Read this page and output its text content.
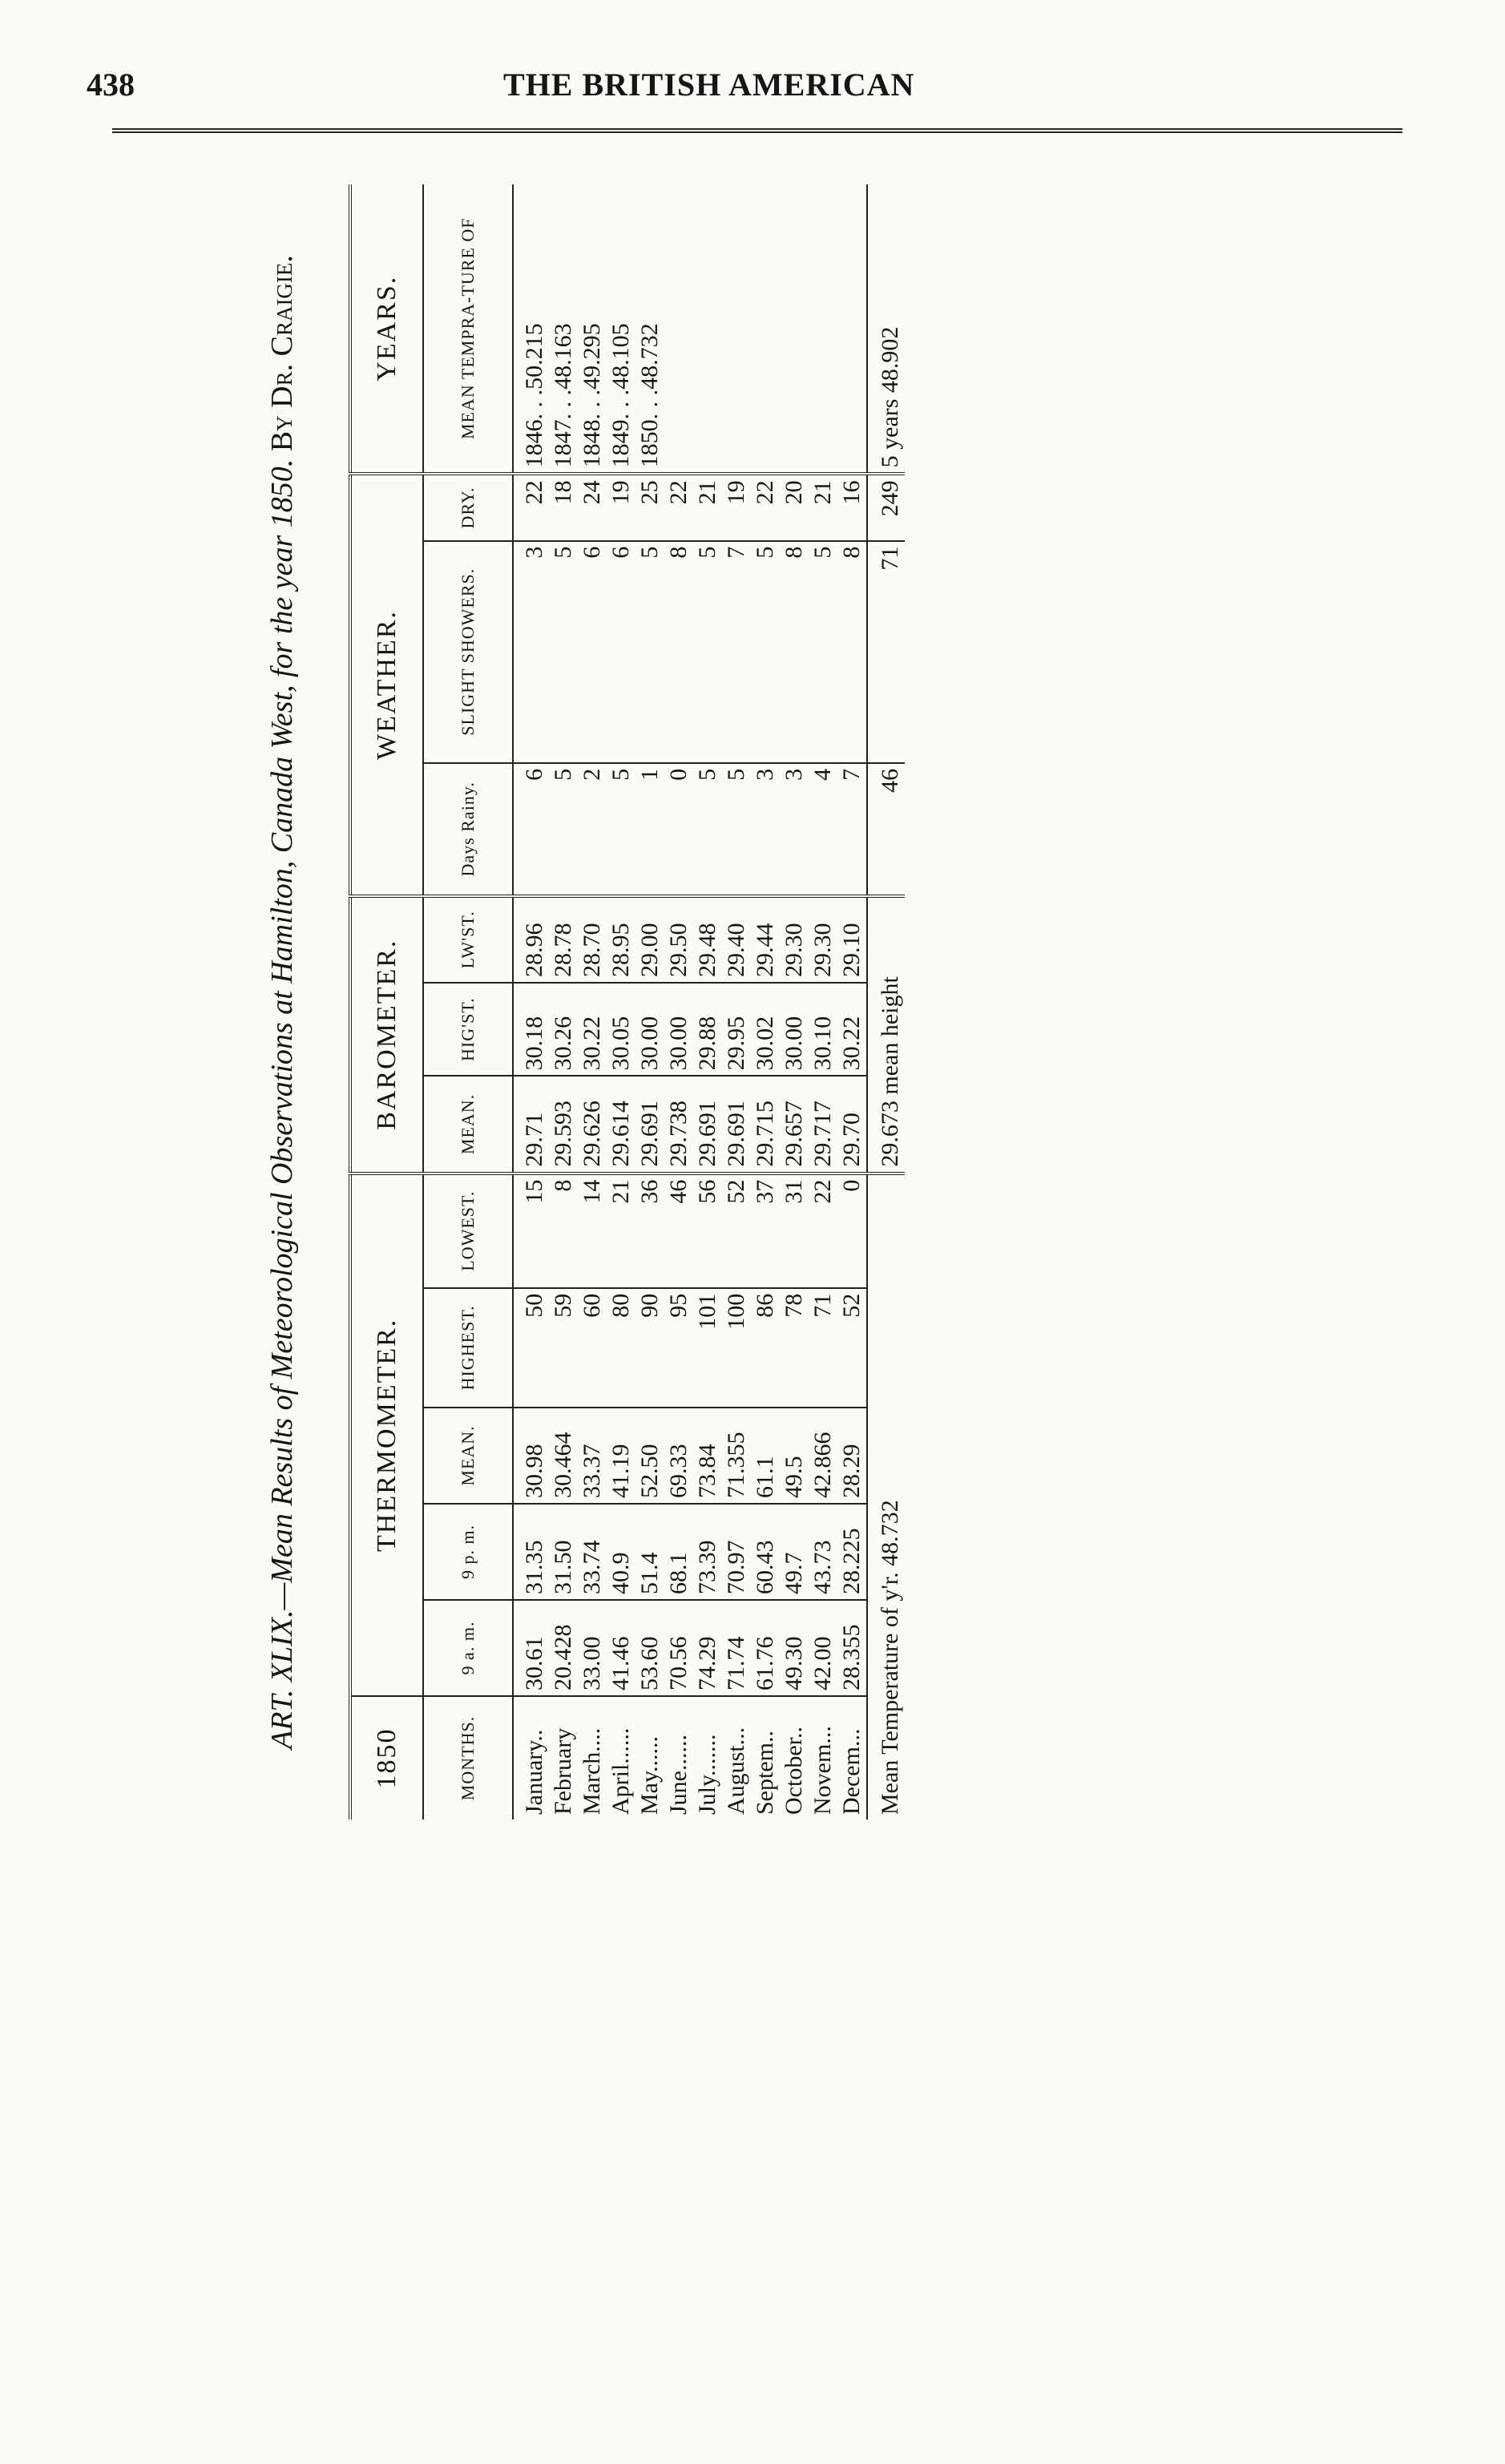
438	THE BRITISH AMERICAN
ART. XLIX.—Mean Results of Meteorological Observations at Hamilton, Canada West, for the year 1850. By Dr. Craigie.
1850	THERMOMETER.					BAROMETER.			WEATHER.			YEARS.
MONTHS.	9 a. m.	9 p. m.	MEAN.	HIGHEST.	LOWEST.	MEAN.	HIG'ST.	LW'ST.	Days Rainy.	SLIGHT SHOWERS.	DRY.	MEAN TEMPRA-TURE OF
January..	30.61	31.35	30.98	50	15	29.71	30.18	28.96	6	3	22	1846. . .50.215
February	20.428	31.50	30.464	59	8	29.593	30.26	28.78	5	5	18	1847. . .48.163
March....	33.00	33.74	33.37	60	14	29.626	30.22	28.70	2	6	24	1848. . .49.295
April......	41.46	40.9	41.19	80	21	29.614	30.05	28.95	5	6	19	1849. . .48.105
May......	53.60	51.4	52.50	90	36	29.691	30.00	29.00	1	5	25	1850. . .48.732
June......	70.56	68.1	69.33	95	46	29.738	30.00	29.50	0	8	22	
July.......	74.29	73.39	73.84	101	56	29.691	29.88	29.48	5	5	21	
August...	71.74	70.97	71.355	100	52	29.691	29.95	29.40	5	7	19	
Septem..	61.76	60.43	61.1	86	37	29.715	30.02	29.44	3	5	22	
October..	49.30	49.7	49.5	78	31	29.657	30.00	29.30	3	8	20	
Novem...	42.00	43.73	42.866	71	22	29.717	30.10	29.30	4	5	21	
Decem...	28.355	28.225	28.29	52	0	29.70	30.22	29.10	7	8	16	
Mean Temperature of y'r. 48.732						29.673 mean height			46	71	249	5 years 48.902
